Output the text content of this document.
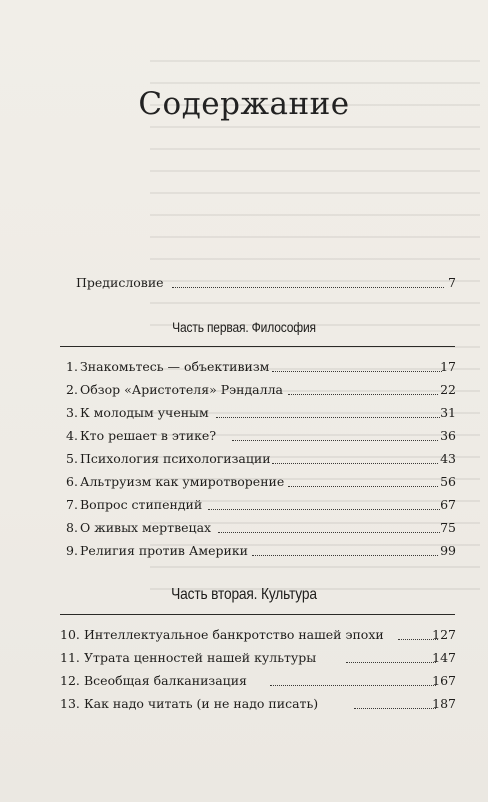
Содержание
Предисловие	7
Часть первая. Философия
1. Знакомьтесь — объективизм	17
2. Обзор «Аристотеля» Рэндалла	22
3. К молодым ученым	31
4. Кто решает в этике?	36
5. Психология психологизации	43
6. Альтруизм как умиротворение	56
7. Вопрос стипендий	67
8. О живых мертвецах	75
9. Религия против Америки	99
Часть вторая. Культура
10. Интеллектуальное банкротство нашей эпохи	127
11. Утрата ценностей нашей культуры	147
12. Всеобщая балканизация	167
13. Как надо читать (и не надо писать)	187
